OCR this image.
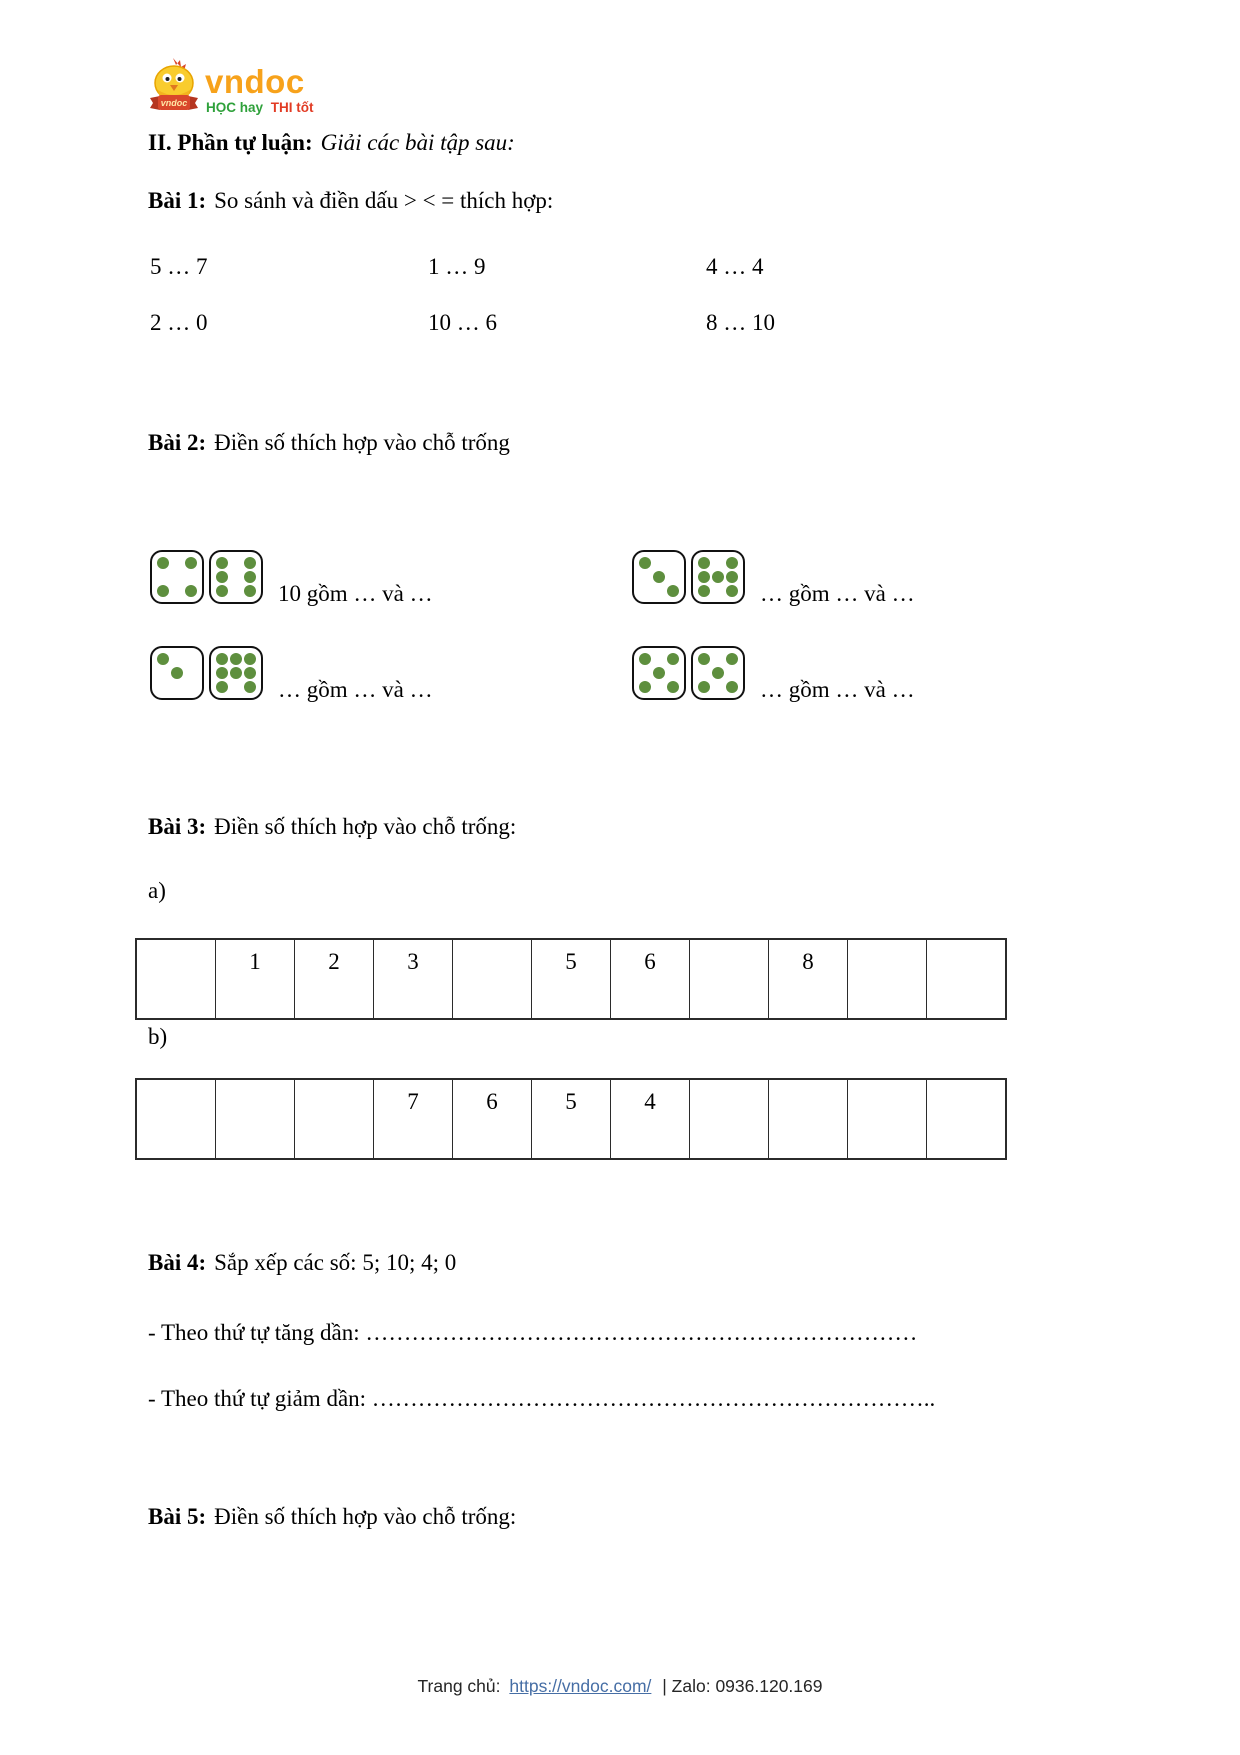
vndoc
vndoc
HỌC hay THI tốt
II. Phần tự luận: Giải các bài tập sau:
Bài 1: So sánh và điền dấu > < = thích hợp:
5 … 7	1 … 9	4 … 4
2 … 0	10 … 6	8 … 10
Bài 2: Điền số thích hợp vào chỗ trống
10 gồm … và …	… gồm … và …
… gồm … và …	… gồm … và …
Bài 3: Điền số thích hợp vào chỗ trống:
a)
	1	2	3		5	6		8		
b)
			7	6	5	4				
Bài 4: Sắp xếp các số: 5; 10; 4; 0
- Theo thứ tự tăng dần: ………………………………………………………………
- Theo thứ tự giảm dần: ………………………………………………………………..
Bài 5: Điền số thích hợp vào chỗ trống:
Trang chủ: https://vndoc.com/ | Zalo: 0936.120.169
